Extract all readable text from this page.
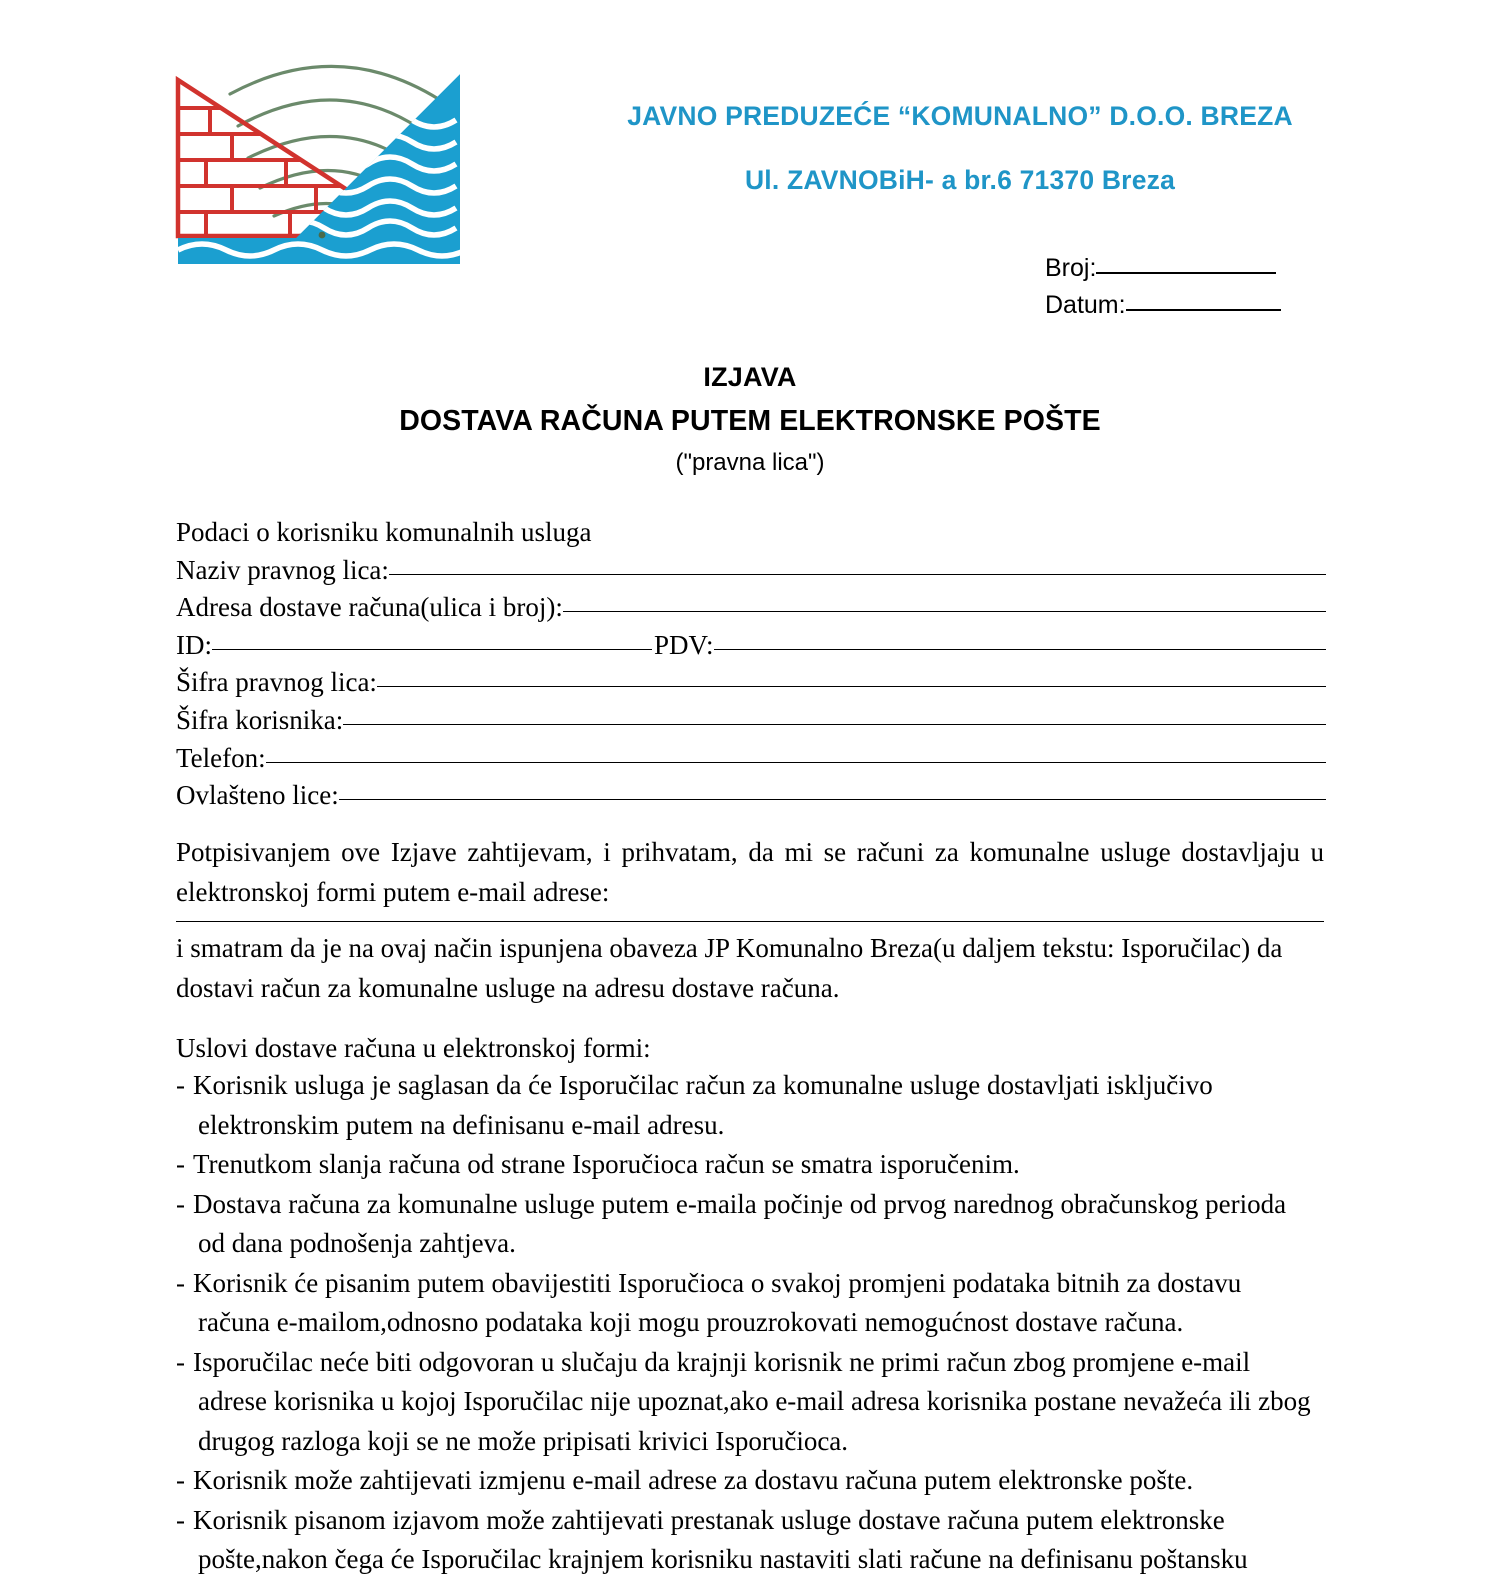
JAVNO PREDUZEĆE “KOMUNALNO” D.O.O. BREZA
Ul. ZAVNOBiH- a br.6 71370 Breza
Broj:
Datum:
IZJAVA
DOSTAVA RAČUNA PUTEM ELEKTRONSKE POŠTE
("pravna lica")
Podaci o korisniku komunalnih usluga
Naziv pravnog lica:
Adresa dostave računa(ulica i broj):
ID:	PDV:
Šifra pravnog lica:
Šifra korisnika:
Telefon:
Ovlašteno lice:
Potpisivanjem ove Izjave zahtijevam, i prihvatam, da mi se računi za komunalne usluge dostavljaju u elektronskoj formi putem e-mail adrese:
i smatram da je na ovaj način ispunjena obaveza JP Komunalno Breza(u daljem tekstu: Isporučilac) da dostavi račun za komunalne usluge na adresu dostave računa.
Uslovi dostave računa u elektronskoj formi:
- Korisnik usluga je saglasan da će Isporučilac račun za komunalne usluge dostavljati isključivo
elektronskim putem na definisanu e-mail adresu.
- Trenutkom slanja računa od strane Isporučioca račun se smatra isporučenim.
- Dostava računa za komunalne usluge putem e-maila počinje od prvog narednog obračunskog perioda
od dana podnošenja zahtjeva.
- Korisnik će pisanim putem obavijestiti Isporučioca o svakoj promjeni podataka bitnih za dostavu
računa e-mailom,odnosno podataka koji mogu prouzrokovati nemogućnost dostave računa.
- Isporučilac neće biti odgovoran u slučaju da krajnji korisnik ne primi račun zbog promjene e-mail
adrese korisnika u kojoj Isporučilac nije upoznat,ako e-mail adresa korisnika postane nevažeća ili zbog
drugog razloga koji se ne može pripisati krivici Isporučioca.
- Korisnik može zahtijevati izmjenu e-mail adrese za dostavu računa putem elektronske pošte.
- Korisnik pisanom izjavom može zahtijevati prestanak usluge dostave računa putem elektronske
pošte,nakon čega će Isporučilac krajnjem korisniku nastaviti slati račune na definisanu poštansku
